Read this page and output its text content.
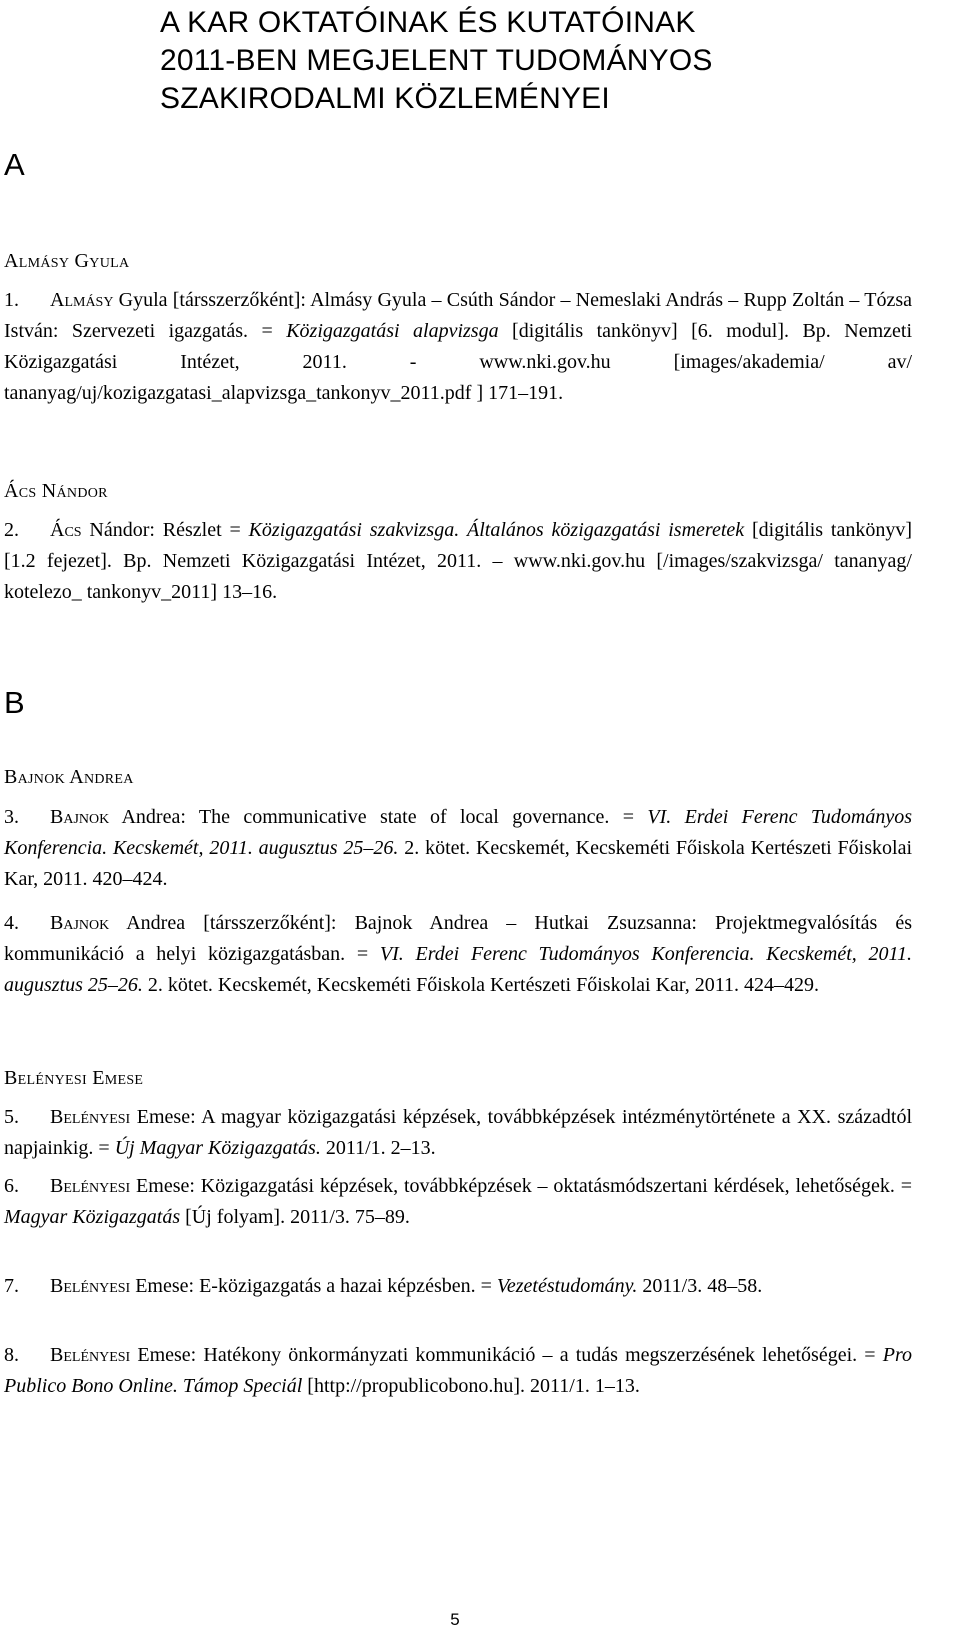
A KAR OKTATÓINAK ÉS KUTATÓINAK
2011-BEN MEGJELENT TUDOMÁNYOS
SZAKIRODALMI KÖZLEMÉNYEI
A
Almásy Gyula
1.	Almásy Gyula [társszerzőként]: Almásy Gyula – Csúth Sándor – Nemeslaki András – Rupp Zoltán – Tózsa István: Szervezeti igazgatás. = Közigazgatási alapvizsga [digitális tankönyv] [6. modul]. Bp. Nemzeti Közigazgatási Intézet, 2011. - www.nki.gov.hu [images/akademia/ av/ tananyag/uj/kozigazgatasi_alapvizsga_tankonyv_2011.pdf ] 171–191.
Ács Nándor
2.	Ács Nándor: Részlet = Közigazgatási szakvizsga. Általános közigazgatási ismeretek [digitális tankönyv] [1.2 fejezet]. Bp. Nemzeti Közigazgatási Intézet, 2011. – www.nki.gov.hu [/images/szakvizsga/ tananyag/ kotelezo_ tankonyv_2011] 13–16.
B
Bajnok Andrea
3.	Bajnok Andrea: The communicative state of local governance. = VI. Erdei Ferenc Tudományos Konferencia. Kecskemét, 2011. augusztus 25–26. 2. kötet. Kecskemét, Kecskeméti Főiskola Kertészeti Főiskolai Kar, 2011. 420–424.
4.	Bajnok Andrea [társszerzőként]: Bajnok Andrea – Hutkai Zsuzsanna: Projektmegvalósítás és kommunikáció a helyi közigazgatásban. = VI. Erdei Ferenc Tudományos Konferencia. Kecskemét, 2011. augusztus 25–26. 2. kötet. Kecskemét, Kecskeméti Főiskola Kertészeti Főiskolai Kar, 2011. 424–429.
Belényesi Emese
5.	Belényesi Emese: A magyar közigazgatási képzések, továbbképzések intézménytörténete a XX. századtól napjainkig. = Új Magyar Közigazgatás. 2011/1. 2–13.
6.	Belényesi Emese: Közigazgatási képzések, továbbképzések – oktatásmódszertani kérdések, lehetőségek. = Magyar Közigazgatás [Új folyam]. 2011/3. 75–89.
7.	Belényesi Emese: E-közigazgatás a hazai képzésben. = Vezetéstudomány. 2011/3. 48–58.
8.	Belényesi Emese: Hatékony önkormányzati kommunikáció – a tudás megszerzésének lehetőségei. = Pro Publico Bono Online. Támop Speciál [http://propublicobono.hu]. 2011/1. 1–13.
5
